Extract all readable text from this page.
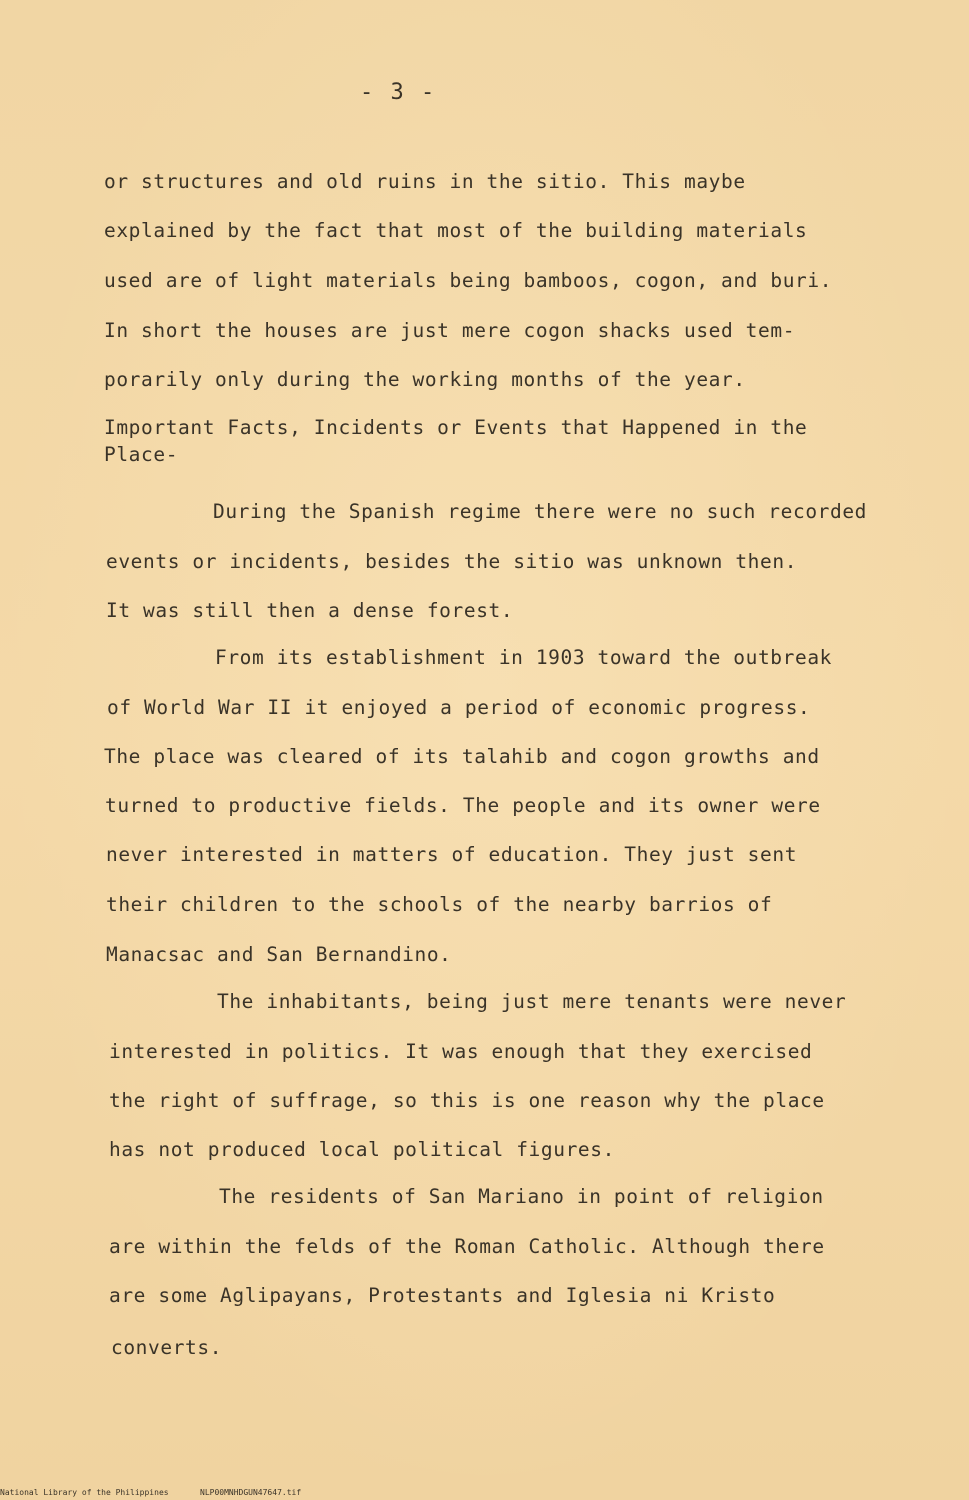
- 3 -
or structures and old ruins in the sitio. This maybe
explained by the fact that most of the building materials
used are of light materials being bamboos, cogon, and buri.
In short the houses are just mere cogon shacks used tem-
porarily only during the working months of the year.
Important Facts, Incidents or Events that Happened in the
Place-
During the Spanish regime there were no such recorded
events or incidents, besides the sitio was unknown then.
It was still then a dense forest.
From its establishment in 1903 toward the outbreak
of World War II it enjoyed a period of economic progress.
The place was cleared of its talahib and cogon growths and
turned to productive fields. The people and its owner were
never interested in matters of education. They just sent
their children to the schools of the nearby barrios of
Manacsac and San Bernandino.
The inhabitants, being just mere tenants were never
interested in politics. It was enough that they exercised
the right of suffrage, so this is one reason why the place
has not produced local political figures.
The residents of San Mariano in point of religion
are within the felds of the Roman Catholic. Although there
are some Aglipayans, Protestants and Iglesia ni Kristo
converts.
National Library of the Philippines	NLP00MNHDGUN47647.tif
